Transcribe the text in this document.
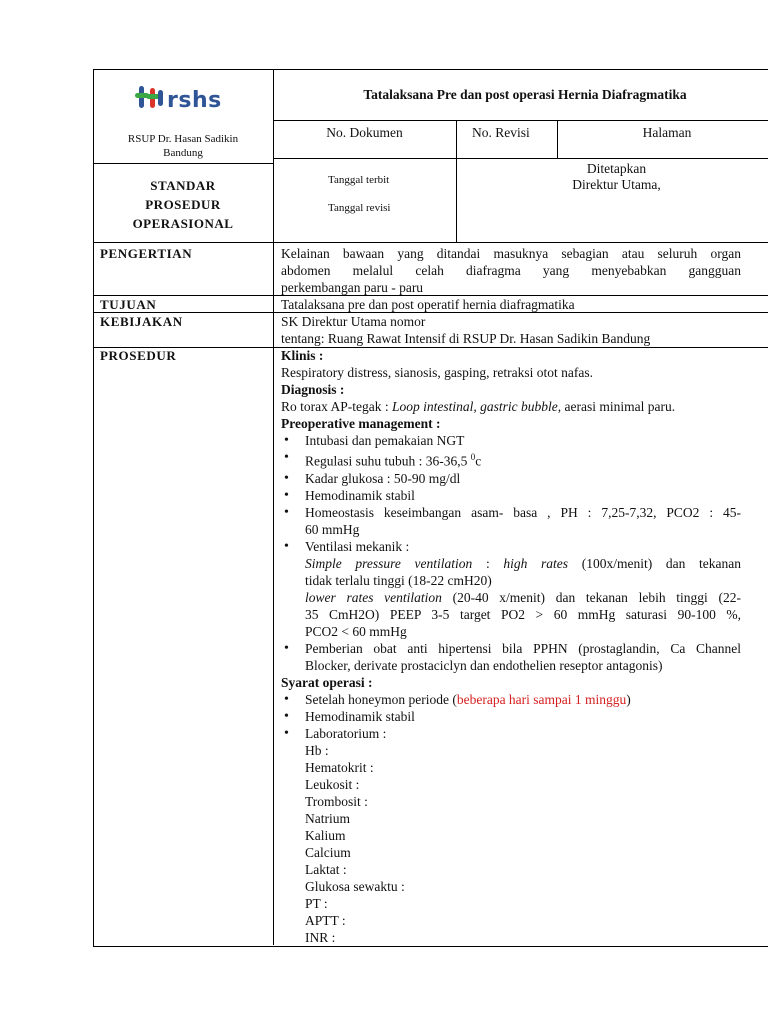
rshs
RSUP Dr. Hasan Sadikin
Bandung
Tatalaksana Pre dan post operasi Hernia Diafragmatika
No. Dokumen	No. Revisi	Halaman
STANDAR
PROSEDUR
OPERASIONAL
Tanggal terbit
Tanggal revisi
Ditetapkan
Direktur Utama,
PENGERTIAN
TUJUAN
KEBIJAKAN
PROSEDUR
Kelainan bawaan yang ditandai masuknya sebagian atau seluruh organ
abdomen melalul celah diafragma yang menyebabkan gangguan
perkembangan paru - paru
Tatalaksana pre dan post operatif hernia diafragmatika
SK Direktur Utama nomor
tentang: Ruang Rawat Intensif di RSUP Dr. Hasan Sadikin Bandung
Klinis :
Respiratory distress, sianosis, gasping, retraksi otot nafas.
Diagnosis :
Ro torax AP-tegak : Loop intestinal, gastric bubble, aerasi minimal paru.
Preoperative management :
• Intubasi dan pemakaian NGT
• Regulasi suhu tubuh : 36-36,5 $^0$c
• Kadar glukosa : 50-90 mg/dl
• Hemodinamik stabil
• Homeostasis keseimbangan asam- basa , PH : 7,25-7,32, PCO2 : 45-
60 mmHg
• Ventilasi mekanik :
Simple pressure ventilation : high rates (100x/menit) dan tekanan
tidak terlalu tinggi (18-22 cmH20)
lower rates ventilation (20-40 x/menit) dan tekanan lebih tinggi (22-
35 CmH2O) PEEP 3-5 target PO2 > 60 mmHg saturasi 90-100 %,
PCO2 < 60 mmHg
• Pemberian obat anti hipertensi bila PPHN (prostaglandin, Ca Channel
Blocker, derivate prostaciclyn dan endothelien reseptor antagonis)
Syarat operasi :
• Setelah honeymon periode (beberapa hari sampai 1 minggu)
• Hemodinamik stabil
• Laboratorium :
Hb :
Hematokrit :
Leukosit :
Trombosit :
Natrium
Kalium
Calcium
Laktat :
Glukosa sewaktu :
PT :
APTT :
INR :
